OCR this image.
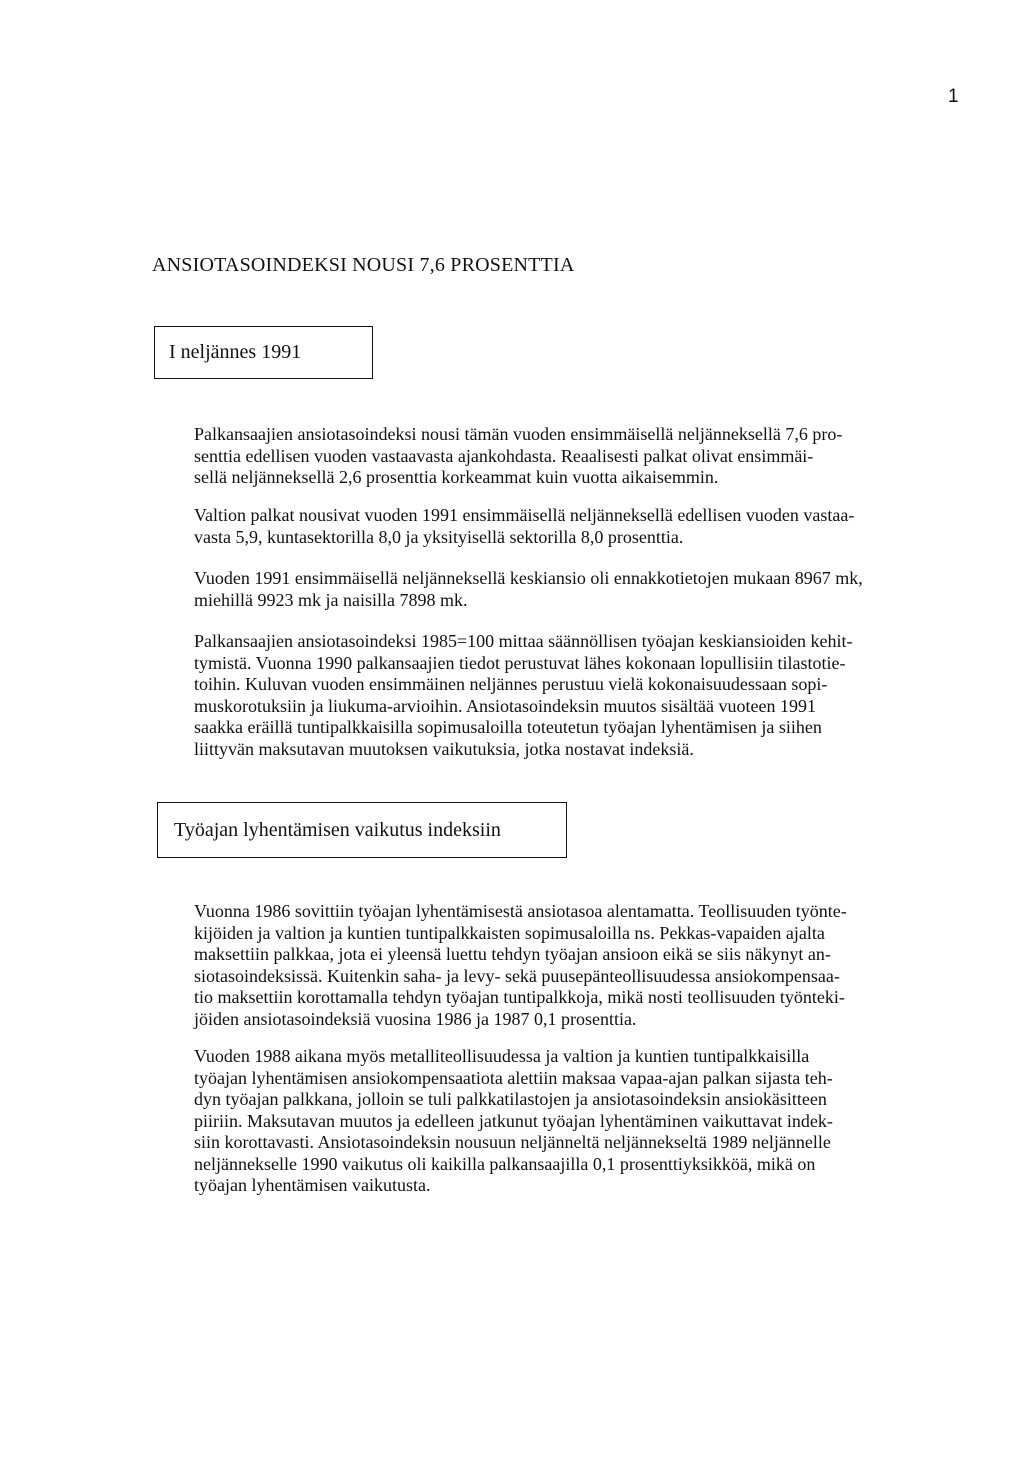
1
ANSIOTASOINDEKSI NOUSI 7,6 PROSENTTIA
I neljännes 1991

Palkansaajien ansiotasoindeksi nousi tämän vuoden ensimmäisellä neljänneksellä 7,6 pro-
senttia edellisen vuoden vastaavasta ajankohdasta. Reaalisesti palkat olivat ensimmäi-
sellä neljänneksellä 2,6 prosenttia korkeammat kuin vuotta aikaisemmin.

Valtion palkat nousivat vuoden 1991 ensimmäisellä neljänneksellä edellisen vuoden vastaa-
vasta 5,9, kuntasektorilla 8,0 ja yksityisellä sektorilla 8,0 prosenttia.

Vuoden 1991 ensimmäisellä neljänneksellä keskiansio oli ennakkotietojen mukaan 8967 mk,
miehillä 9923 mk ja naisilla 7898 mk.

Palkansaajien ansiotasoindeksi 1985=100 mittaa säännöllisen työajan keskiansioiden kehit-
tymistä. Vuonna 1990 palkansaajien tiedot perustuvat lähes kokonaan lopullisiin tilastotie-
toihin. Kuluvan vuoden ensimmäinen neljännes perustuu vielä kokonaisuudessaan sopi-
muskorotuksiin ja liukuma-arvioihin. Ansiotasoindeksin muutos sisältää vuoteen 1991
saakka eräillä tuntipalkkaisilla sopimusaloilla toteutetun työajan lyhentämisen ja siihen
liittyvän maksutavan muutoksen vaikutuksia, jotka nostavat indeksiä.

Työajan lyhentämisen vaikutus indeksiin

Vuonna 1986 sovittiin työajan lyhentämisestä ansiotasoa alentamatta. Teollisuuden työnte-
kijöiden ja valtion ja kuntien tuntipalkkaisten sopimusaloilla ns. Pekkas-vapaiden ajalta
maksettiin palkkaa, jota ei yleensä luettu tehdyn työajan ansioon eikä se siis näkynyt an-
siotasoindeksissä. Kuitenkin saha- ja levy- sekä puusepänteollisuudessa ansiokompensaa-
tio maksettiin korottamalla tehdyn työajan tuntipalkkoja, mikä nosti teollisuuden työnteki-
jöiden ansiotasoindeksiä vuosina 1986 ja 1987 0,1 prosenttia.

Vuoden 1988 aikana myös metalliteollisuudessa ja valtion ja kuntien tuntipalkkaisilla
työajan lyhentämisen ansiokompensaatiota alettiin maksaa vapaa-ajan palkan sijasta teh-
dyn työajan palkkana, jolloin se tuli palkkatilastojen ja ansiotasoindeksin ansiokäsitteen
piiriin. Maksutavan muutos ja edelleen jatkunut työajan lyhentäminen vaikuttavat indek-
siin korottavasti. Ansiotasoindeksin nousuun neljänneltä neljännekseltä 1989 neljännelle
neljännekselle 1990 vaikutus oli kaikilla palkansaajilla 0,1 prosenttiyksikköä, mikä on
työajan lyhentämisen vaikutusta.
